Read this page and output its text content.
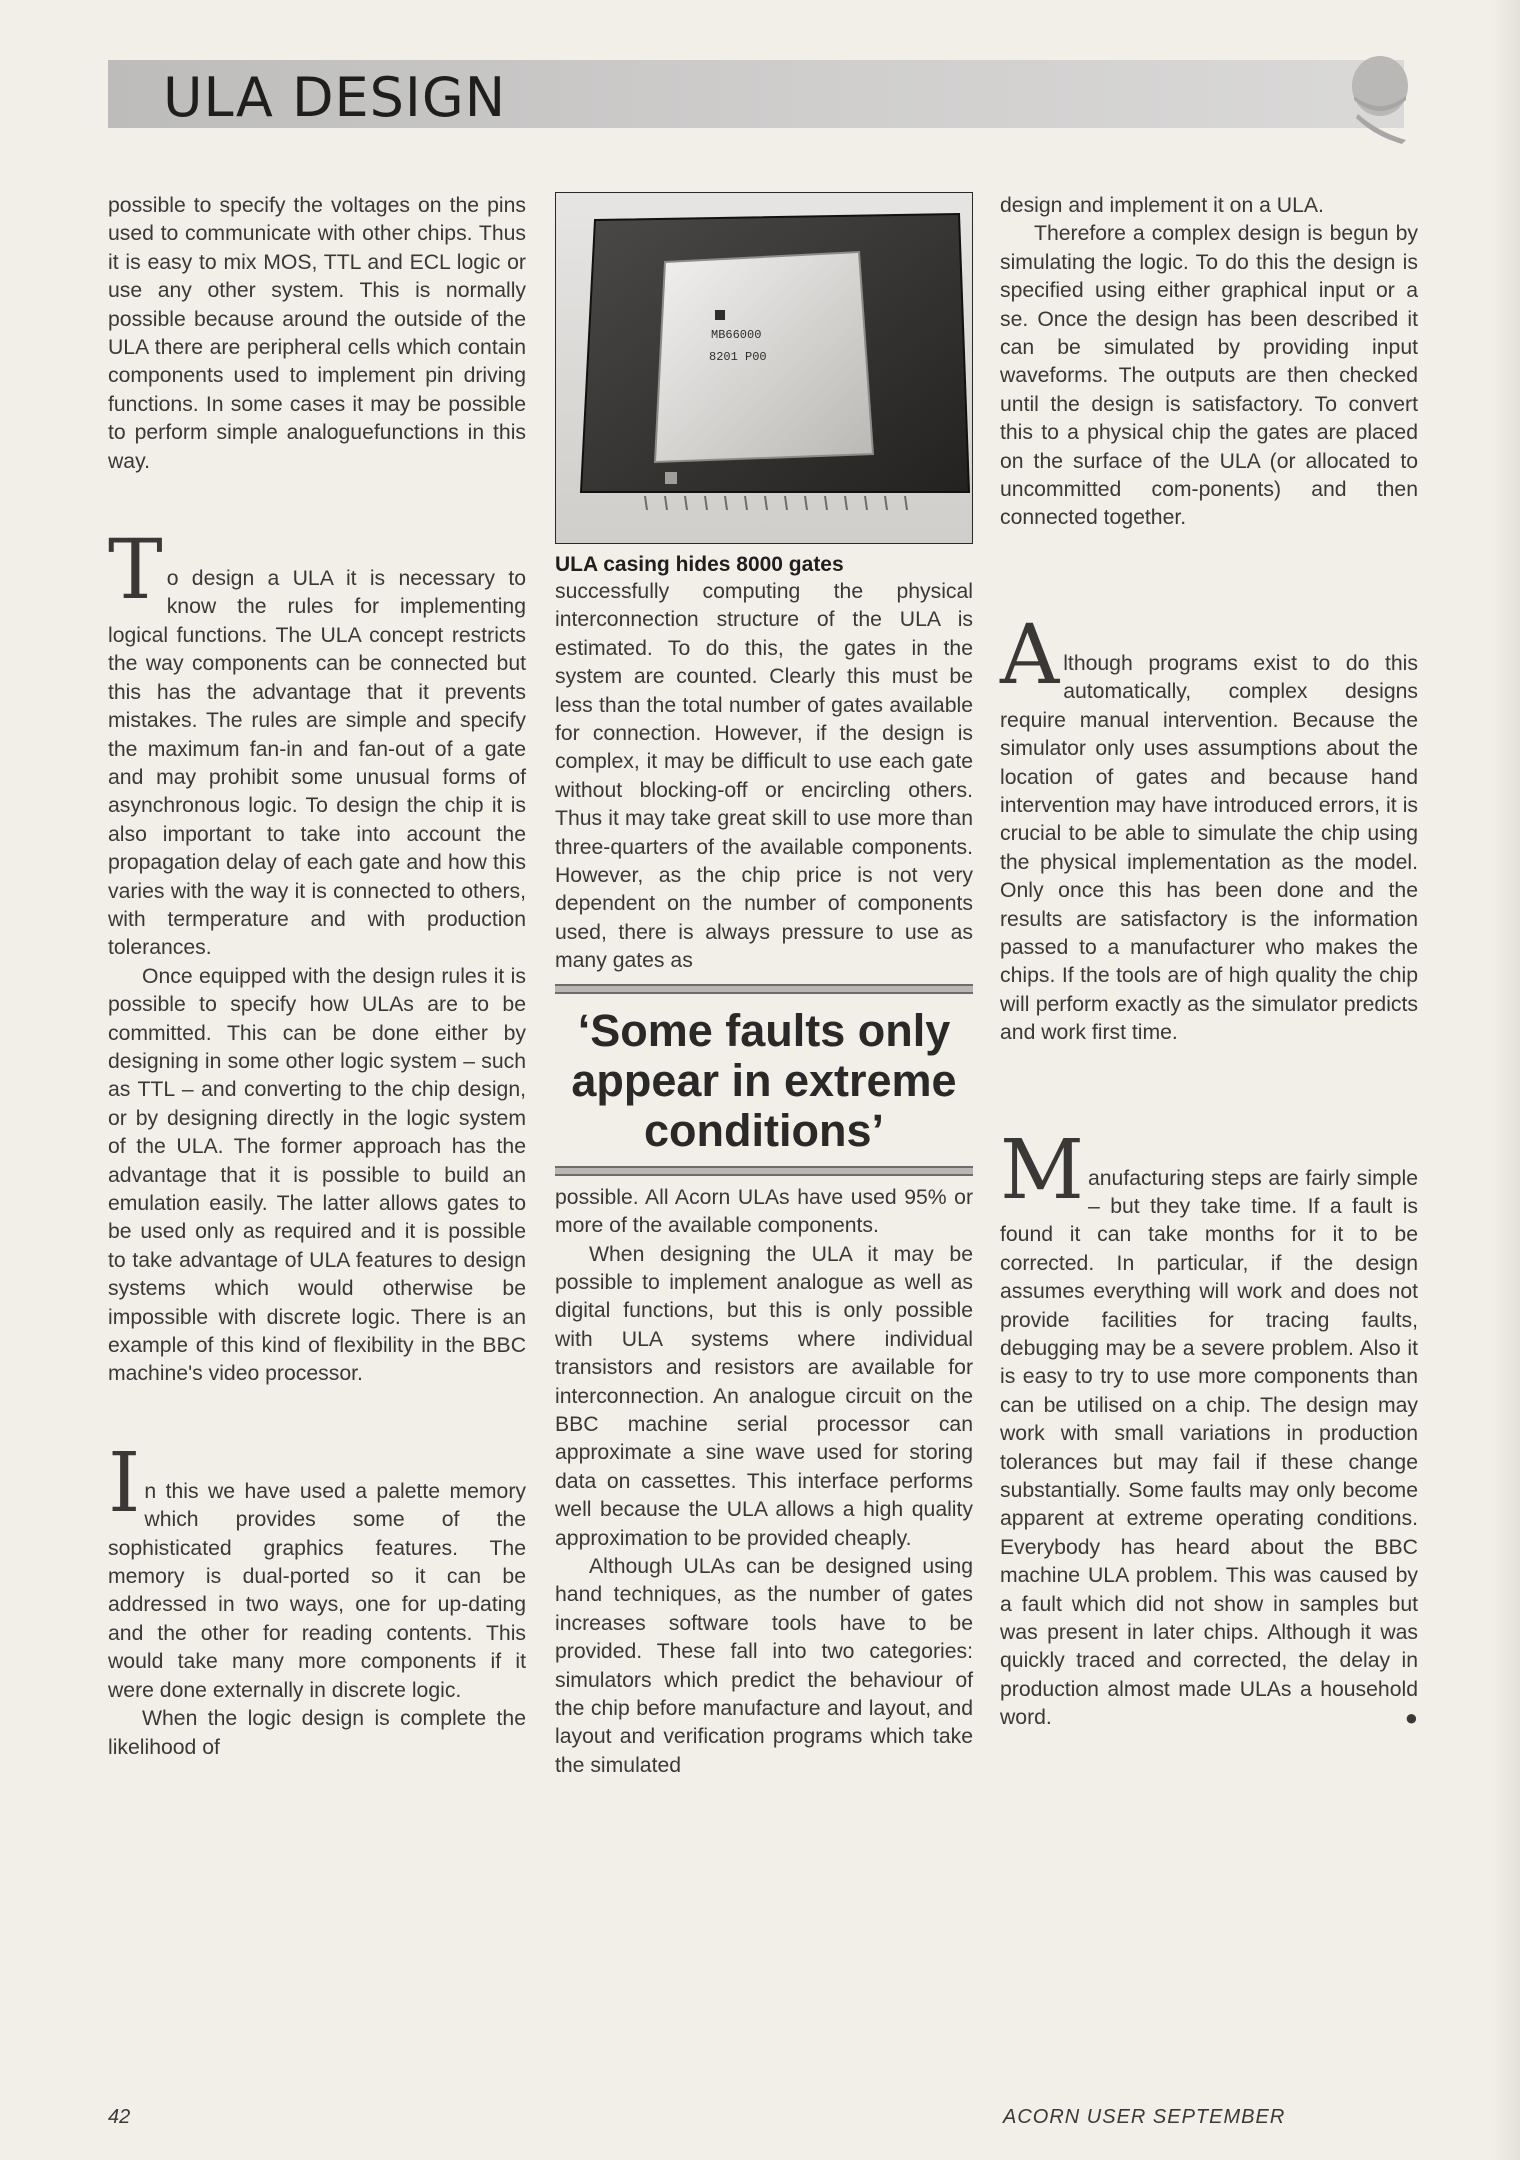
ULA DESIGN

possible to specify the voltages on the pins used to communicate with other chips. Thus it is easy to mix MOS, TTL and ECL logic or use any other system. This is normally possible because around the outside of the ULA there are peripheral cells which contain components used to implement pin driving functions. In some cases it may be possible to perform simple analoguefunctions in this way.

To design a ULA it is necessary to know the rules for implementing logical functions. The ULA concept restricts the way components can be connected but this has the advantage that it prevents mistakes. The rules are simple and specify the maximum fan-in and fan-out of a gate and may prohibit some unusual forms of asynchronous logic. To design the chip it is also important to take into account the propagation delay of each gate and how this varies with the way it is connected to others, with termperature and with production tolerances.

Once equipped with the design rules it is possible to specify how ULAs are to be committed. This can be done either by designing in some other logic system – such as TTL – and converting to the chip design, or by designing directly in the logic system of the ULA. The former approach has the advantage that it is possible to build an emulation easily. The latter allows gates to be used only as required and it is possible to take advantage of ULA features to design systems which would otherwise be impossible with discrete logic. There is an example of this kind of flexibility in the BBC machine's video processor.

In this we have used a palette memory which provides some of the sophisticated graphics features. The memory is dual-ported so it can be addressed in two ways, one for up-dating and the other for reading contents. This would take many more components if it were done externally in discrete logic.

When the logic design is complete the likelihood of

MB66000
8201 P00

ULA casing hides 8000 gates

successfully computing the physical interconnection structure of the ULA is estimated. To do this, the gates in the system are counted. Clearly this must be less than the total number of gates available for connection. However, if the design is complex, it may be difficult to use each gate without blocking-off or encircling others. Thus it may take great skill to use more than three-quarters of the available components. However, as the chip price is not very dependent on the number of components used, there is always pressure to use as many gates as

‘Some faults only appear in extreme conditions’

possible. All Acorn ULAs have used 95% or more of the available components.

When designing the ULA it may be possible to implement analogue as well as digital functions, but this is only possible with ULA systems where individual transistors and resistors are available for interconnection. An analogue circuit on the BBC machine serial processor can approximate a sine wave used for storing data on cassettes. This interface performs well because the ULA allows a high quality approximation to be provided cheaply.

Although ULAs can be designed using hand techniques, as the number of gates increases software tools have to be provided. These fall into two categories: simulators which predict the behaviour of the chip before manufacture and layout, and layout and verification programs which take the simulated

design and implement it on a ULA.

Therefore a complex design is begun by simulating the logic. To do this the design is specified using either graphical input or a se. Once the design has been described it can be simulated by providing input waveforms. The outputs are then checked until the design is satisfactory. To convert this to a physical chip the gates are placed on the surface of the ULA (or allocated to uncommitted com-ponents) and then connected together.

Although programs exist to do this automatically, complex designs require manual intervention. Because the simulator only uses assumptions about the location of gates and because hand intervention may have introduced errors, it is crucial to be able to simulate the chip using the physical implementation as the model. Only once this has been done and the results are satisfactory is the information passed to a manufacturer who makes the chips. If the tools are of high quality the chip will perform exactly as the simulator predicts and work first time.

Manufacturing steps are fairly simple – but they take time. If a fault is found it can take months for it to be corrected. In particular, if the design assumes everything will work and does not provide facilities for tracing faults, debugging may be a severe problem. Also it is easy to try to use more components than can be utilised on a chip. The design may work with small variations in production tolerances but may fail if these change substantially. Some faults may only become apparent at extreme operating conditions. Everybody has heard about the BBC machine ULA problem. This was caused by a fault which did not show in samples but was present in later chips. Although it was quickly traced and corrected, the delay in production almost made ULAs a household word.	●

42	ACORN USER SEPTEMBER
